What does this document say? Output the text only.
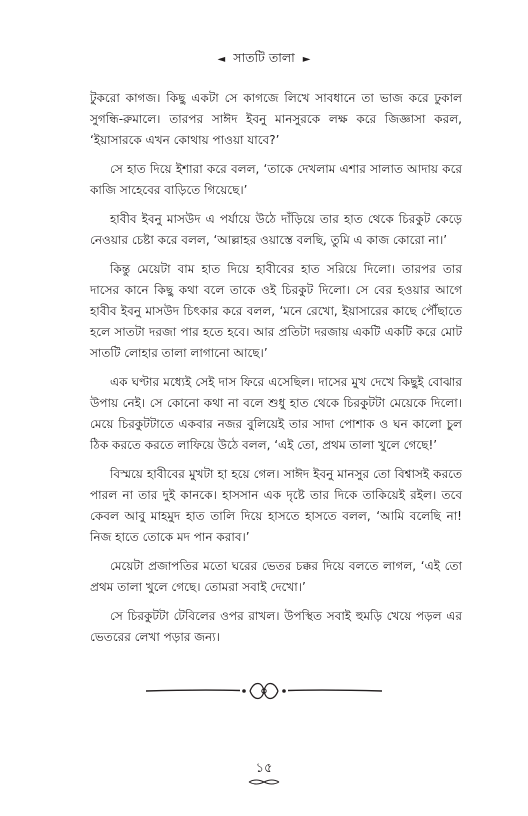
◄ সাতটি তালা ►

টুকরো কাগজ। কিছু একটা সে কাগজে লিখে সাবধানে তা ভাজ করে ঢুকাল সুগন্ধি-রুমালে। তারপর সাঈদ ইবনু মানসুরকে লক্ষ করে জিজ্ঞাসা করল, ‘ইয়াসারকে এখন কোথায় পাওয়া যাবে?’

সে হাত দিয়ে ইশারা করে বলল, ‘তাকে দেখলাম এশার সালাত আদায় করে কাজি সাহেবের বাড়িতে গিয়েছে।’

হাবীব ইবনু মাসউদ এ পর্যায়ে উঠে দাঁড়িয়ে তার হাত থেকে চিরকুট কেড়ে নেওয়ার চেষ্টা করে বলল, ‘আল্লাহর ওয়াস্তে বলছি, তুমি এ কাজ কোরো না।’

কিন্তু মেয়েটা বাম হাত দিয়ে হাবীবের হাত সরিয়ে দিলো। তারপর তার দাসের কানে কিছু কথা বলে তাকে ওই চিরকুট দিলো। সে বের হওয়ার আগে হাবীব ইবনু মাসউদ চিৎকার করে বলল, ‘মনে রেখো, ইয়াসারের কাছে পৌঁছাতে হলে সাতটা দরজা পার হতে হবে। আর প্রতিটা দরজায় একটি একটি করে মোট সাতটি লোহার তালা লাগানো আছে।’

এক ঘণ্টার মধ্যেই সেই দাস ফিরে এসেছিল। দাসের মুখ দেখে কিছুই বোঝার উপায় নেই। সে কোনো কথা না বলে শুধু হাত থেকে চিরকুটটা মেয়েকে দিলো। মেয়ে চিরকুটটাতে একবার নজর বুলিয়েই তার সাদা পোশাক ও ঘন কালো চুল ঠিক করতে করতে লাফিয়ে উঠে বলল, ‘এই তো, প্রথম তালা খুলে গেছে!’

বিস্ময়ে হাবীবের মুখটা হা হয়ে গেল। সাঈদ ইবনু মানসুর তো বিশ্বাসই করতে পারল না তার দুই কানকে। হাসসান এক দৃষ্টে তার দিকে তাকিয়েই রইল। তবে কেবল আবু মাহমুদ হাত তালি দিয়ে হাসতে হাসতে বলল, ‘আমি বলেছি না! নিজ হাতে তোকে মদ পান করাব।’

মেয়েটা প্রজাপতির মতো ঘরের ভেতর চক্কর দিয়ে বলতে লাগল, ‘এই তো প্রথম তালা খুলে গেছে। তোমরা সবাই দেখো।’

সে চিরকুটটা টেবিলের ওপর রাখল। উপস্থিত সবাই হুমড়ি খেয়ে পড়ল এর ভেতরের লেখা পড়ার জন্য।

১৫
